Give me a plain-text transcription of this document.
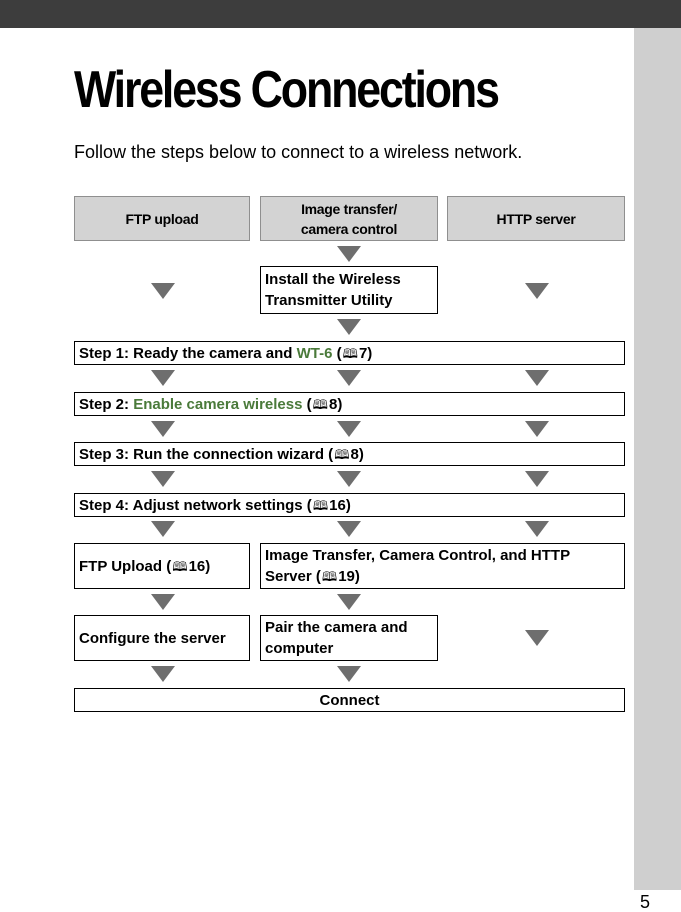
Wireless Connections

Follow the steps below to connect to a wireless network.

FTP upload
Image transfer/
camera control
HTTP server
Install the Wireless
Transmitter Utility
Step 1: Ready the camera and WT-6 ( 🕮 7 )
Step 2: Enable camera wireless ( 🕮 8 )
Step 3: Run the connection wizard ( 🕮 8 )
Step 4: Adjust network settings ( 🕮 16 )
FTP Upload ( 🕮 16 )
Image Transfer, Camera Control, and HTTP
Server (🕮19)
Configure the server
Pair the camera and
computer
Connect
5
